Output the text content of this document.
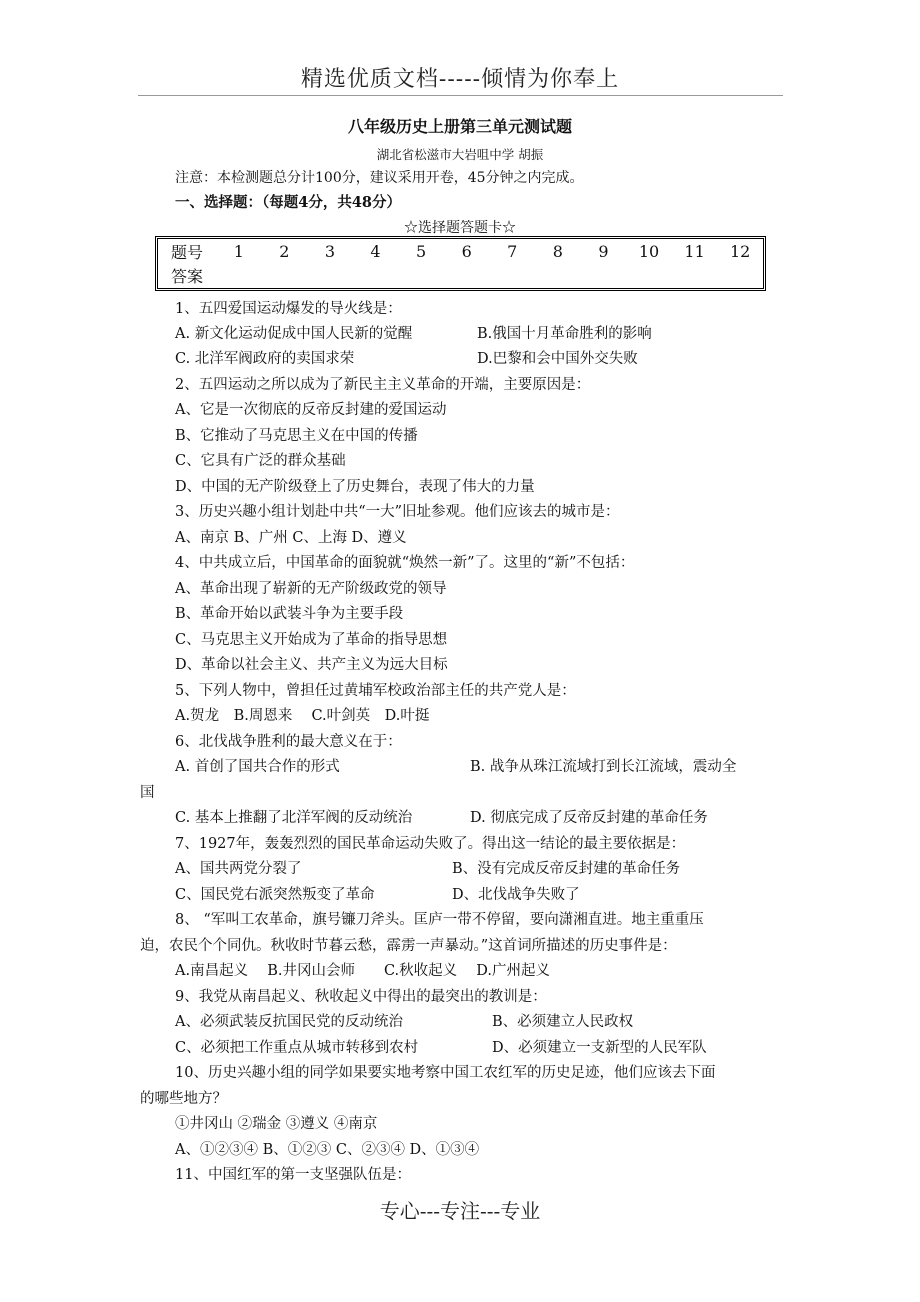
精选优质文档-----倾情为你奉上
八年级历史上册第三单元测试题
湖北省松滋市大岩咀中学 胡振
注意：本检测题总分计100分，建议采用开卷，45分钟之内完成。
一、选择题：（每题4分，共48分）
☆选择题答题卡☆
题号	1	2	3	4	5	6	7	8	9	10	11	12
答案												
1、五四爱国运动爆发的导火线是：
A. 新文化运动促成中国人民新的觉醒	B.俄国十月革命胜利的影响
C. 北洋军阀政府的卖国求荣	D.巴黎和会中国外交失败
2、五四运动之所以成为了新民主主义革命的开端，主要原因是：
A、它是一次彻底的反帝反封建的爱国运动
B、它推动了马克思主义在中国的传播
C、它具有广泛的群众基础
D、中国的无产阶级登上了历史舞台，表现了伟大的力量
3、历史兴趣小组计划赴中共“一大”旧址参观。他们应该去的城市是：
A、南京 B、广州 C、上海 D、遵义
4、中共成立后，中国革命的面貌就“焕然一新”了。这里的“新”不包括：
A、革命出现了崭新的无产阶级政党的领导
B、革命开始以武装斗争为主要手段
C、马克思主义开始成为了革命的指导思想
D、革命以社会主义、共产主义为远大目标
5、下列人物中，曾担任过黄埔军校政治部主任的共产党人是：
A.贺龙　B.周恩来　 C.叶剑英　D.叶挺
6、北伐战争胜利的最大意义在于：
A. 首创了国共合作的形式	B. 战争从珠江流域打到长江流域，震动全
国
C. 基本上推翻了北洋军阀的反动统治	D. 彻底完成了反帝反封建的革命任务
7、1927年，轰轰烈烈的国民革命运动失败了。得出这一结论的最主要依据是：
A、国共两党分裂了	B、没有完成反帝反封建的革命任务
C、国民党右派突然叛变了革命	D、北伐战争失败了
8、 “军叫工农革命，旗号镰刀斧头。匡庐一带不停留，要向潇湘直进。地主重重压
迫，农民个个同仇。秋收时节暮云愁，霹雳一声暴动。”这首词所描述的历史事件是：
A.南昌起义　 B.井冈山会师　　C.秋收起义　 D.广州起义
9、我党从南昌起义、秋收起义中得出的最突出的教训是：
A、必须武装反抗国民党的反动统治	B、必须建立人民政权
C、必须把工作重点从城市转移到农村	D、必须建立一支新型的人民军队
10、历史兴趣小组的同学如果要实地考察中国工农红军的历史足迹，他们应该去下面
的哪些地方？
①井冈山 ②瑞金 ③遵义 ④南京
A、①②③④ B、①②③ C、②③④ D、①③④
11、中国红军的第一支坚强队伍是：
专心---专注---专业
